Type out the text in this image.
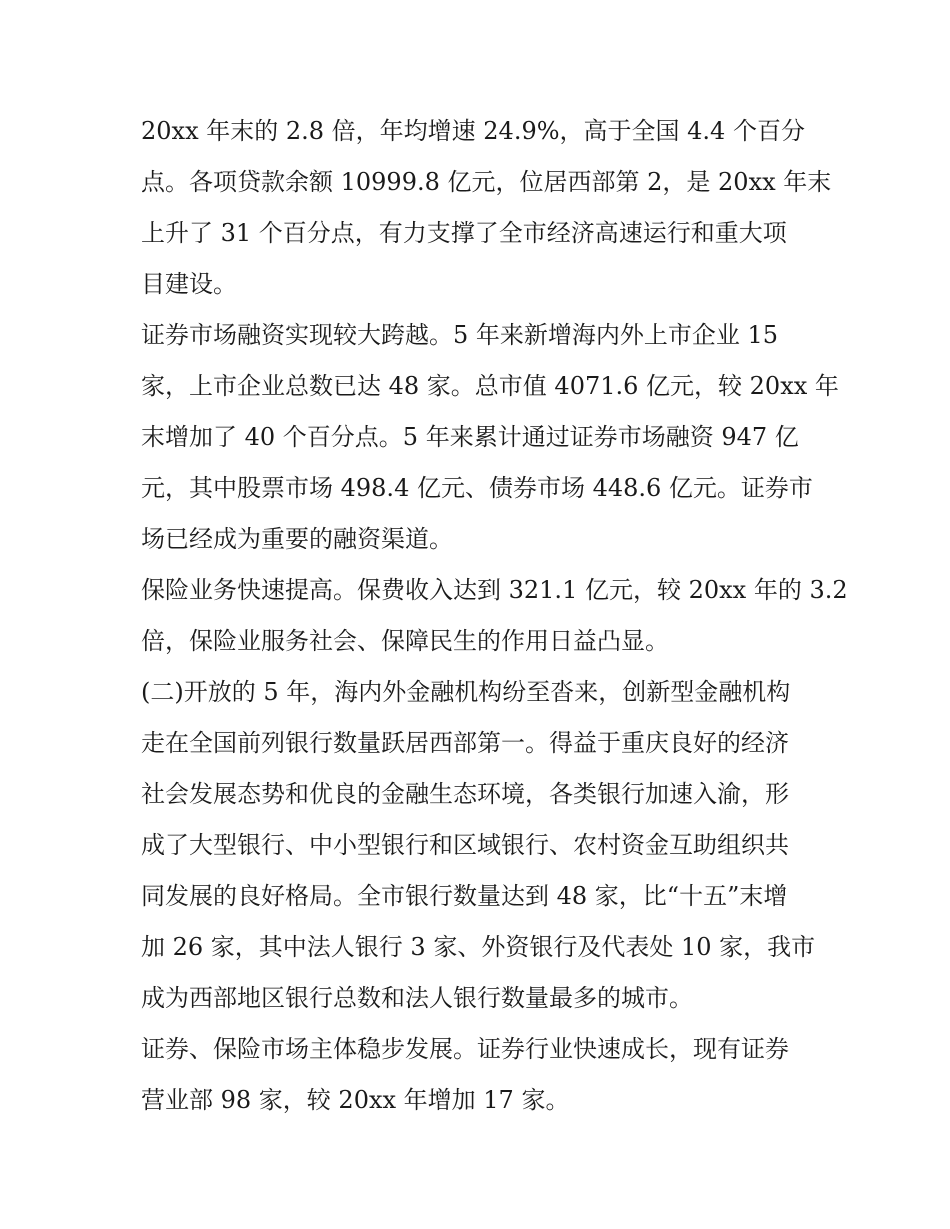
20xx 年末的 2.8 倍，年均增速 24.9%，高于全国 4.4 个百分
点。各项贷款余额 10999.8 亿元，位居西部第 2，是 20xx 年末
上升了 31 个百分点，有力支撑了全市经济高速运行和重大项
目建设。
证券市场融资实现较大跨越。5 年来新增海内外上市企业 15
家，上市企业总数已达 48 家。总市值 4071.6 亿元，较 20xx 年
末增加了 40 个百分点。5 年来累计通过证券市场融资 947 亿
元，其中股票市场 498.4 亿元、债券市场 448.6 亿元。证券市
场已经成为重要的融资渠道。
保险业务快速提高。保费收入达到 321.1 亿元，较 20xx 年的 3.2
倍，保险业服务社会、保障民生的作用日益凸显。
(二)开放的 5 年，海内外金融机构纷至沓来，创新型金融机构
走在全国前列银行数量跃居西部第一。得益于重庆良好的经济
社会发展态势和优良的金融生态环境，各类银行加速入渝，形
成了大型银行、中小型银行和区域银行、农村资金互助组织共
同发展的良好格局。全市银行数量达到 48 家，比“十五”末增
加 26 家，其中法人银行 3 家、外资银行及代表处 10 家，我市
成为西部地区银行总数和法人银行数量最多的城市。
证券、保险市场主体稳步发展。证券行业快速成长，现有证券
营业部 98 家，较 20xx 年增加 17 家。
